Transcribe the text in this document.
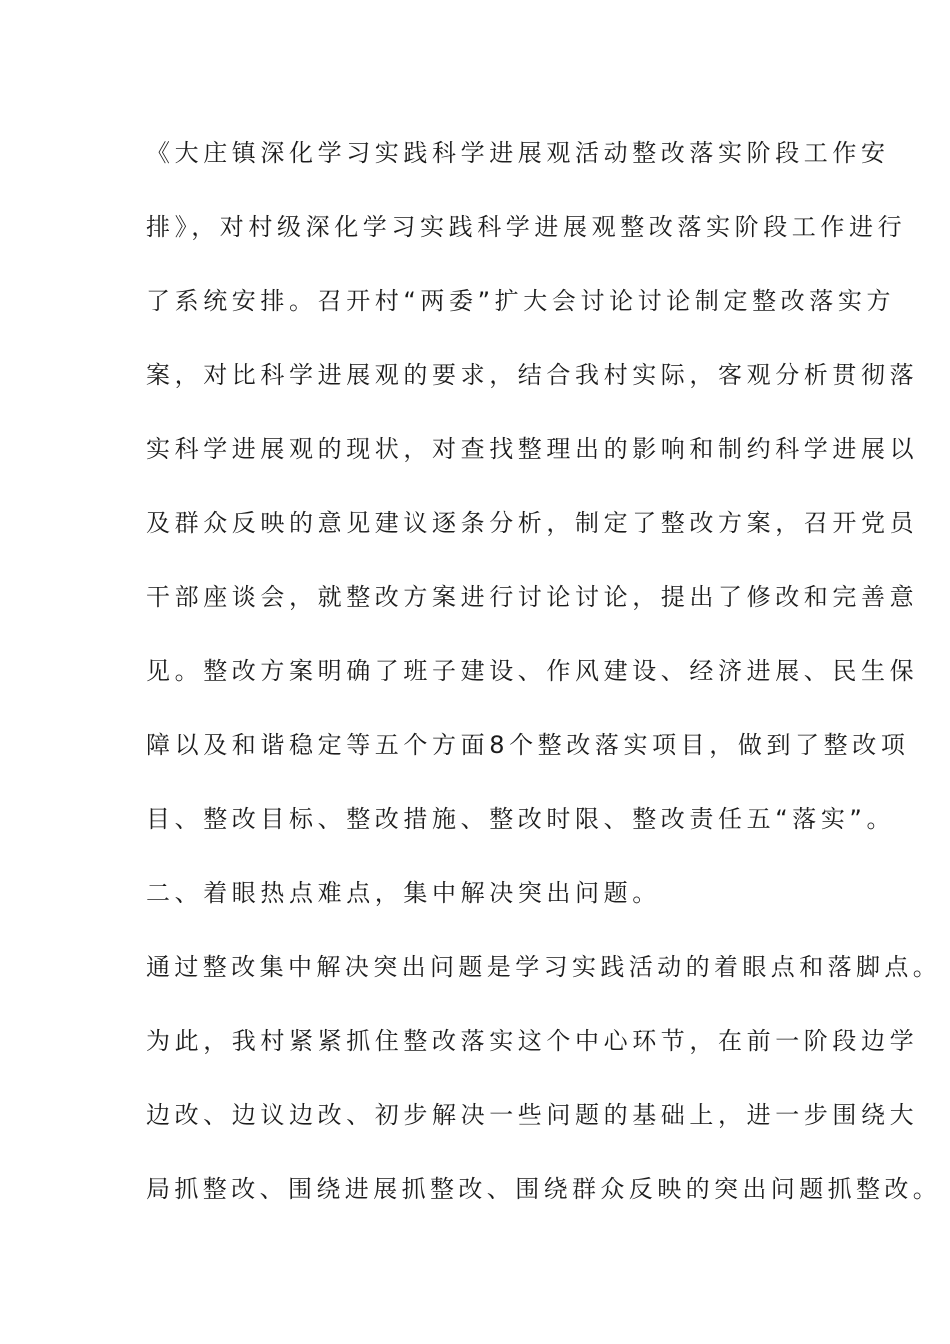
《大庄镇深化学习实践科学进展观活动整改落实阶段工作安
排》，对村级深化学习实践科学进展观整改落实阶段工作进行
了系统安排。召开村“两委”扩大会讨论讨论制定整改落实方
案，对比科学进展观的要求，结合我村实际，客观分析贯彻落
实科学进展观的现状，对查找整理出的影响和制约科学进展以
及群众反映的意见建议逐条分析，制定了整改方案，召开党员
干部座谈会，就整改方案进行讨论讨论，提出了修改和完善意
见。整改方案明确了班子建设、作风建设、经济进展、民生保
障以及和谐稳定等五个方面8个整改落实项目，做到了整改项
目、整改目标、整改措施、整改时限、整改责任五“落实”。
二、着眼热点难点，集中解决突出问题。
通过整改集中解决突出问题是学习实践活动的着眼点和落脚点。
为此，我村紧紧抓住整改落实这个中心环节，在前一阶段边学
边改、边议边改、初步解决一些问题的基础上，进一步围绕大
局抓整改、围绕进展抓整改、围绕群众反映的突出问题抓整改。
